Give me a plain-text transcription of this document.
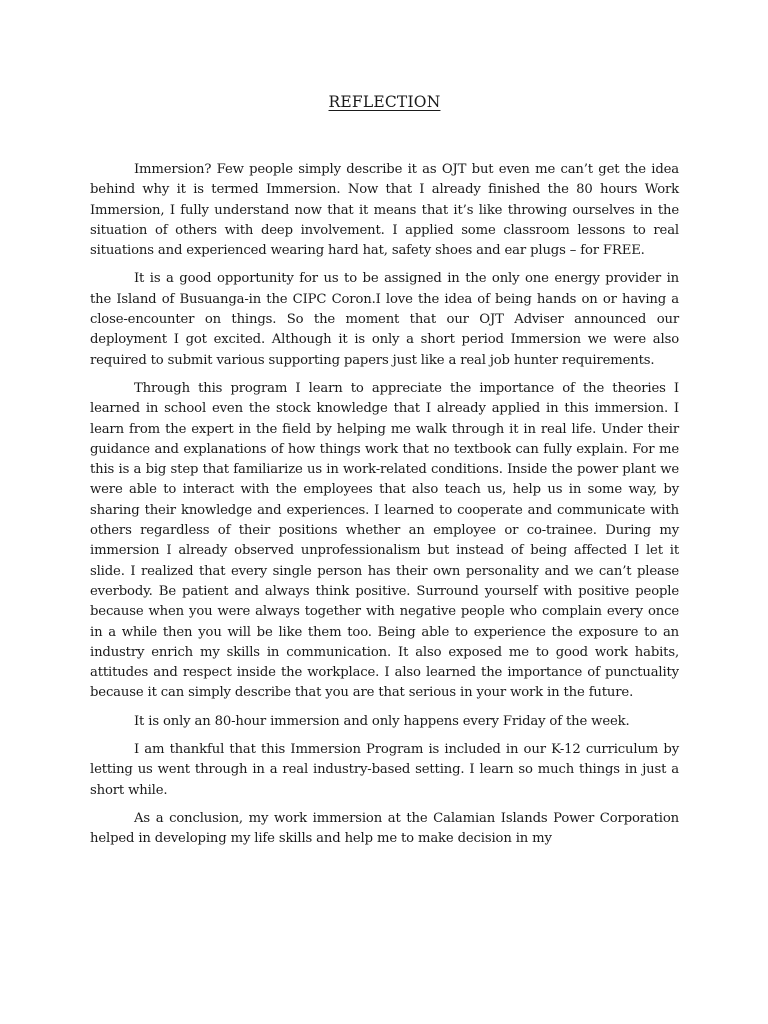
REFLECTION

Immersion? Few people simply describe it as OJT but even me can’t get the idea behind why it is termed Immersion. Now that I already finished the 80 hours Work Immersion, I fully understand now that it means that it’s like throwing ourselves in the situation of others with deep involvement. I applied some classroom lessons to real situations and experienced wearing hard hat, safety shoes and ear plugs – for FREE.

It is a good opportunity for us to be assigned in the only one energy provider in the Island of Busuanga-in the CIPC Coron.I love the idea of being hands on or having a close-encounter on things. So the moment that our OJT Adviser announced our deployment I got excited. Although it is only a short period Immersion we were also required to submit various supporting papers just like a real job hunter requirements.

Through this program I learn to appreciate the importance of the theories I learned in school even the stock knowledge that I already applied in this immersion. I learn from the expert in the field by helping me walk through it in real life. Under their guidance and explanations of how things work that no textbook can fully explain. For me this is a big step that familiarize us in work-related conditions. Inside the power plant we were able to interact with the employees that also teach us, help us in some way, by sharing their knowledge and experiences. I learned to cooperate and communicate with others regardless of their positions whether an employee or co-trainee. During my immersion I already observed unprofessionalism but instead of being affected I let it slide. I realized that every single person has their own personality and we can’t please everbody. Be patient and always think positive. Surround yourself with positive people because when you were always together with negative people who complain every once in a while then you will be like them too. Being able to experience the exposure to an industry enrich my skills in communication. It also exposed me to good work habits, attitudes and respect inside the workplace. I also learned the importance of punctuality because it can simply describe that you are that serious in your work in the future.

It is only an 80-hour immersion and only happens every Friday of the week.

I am thankful that this Immersion Program is included in our K-12 curriculum by letting us went through in a real industry-based setting. I learn so much things in just a short while.

As a conclusion, my work immersion at the Calamian Islands Power Corporation helped in developing my life skills and help me to make decision in my
